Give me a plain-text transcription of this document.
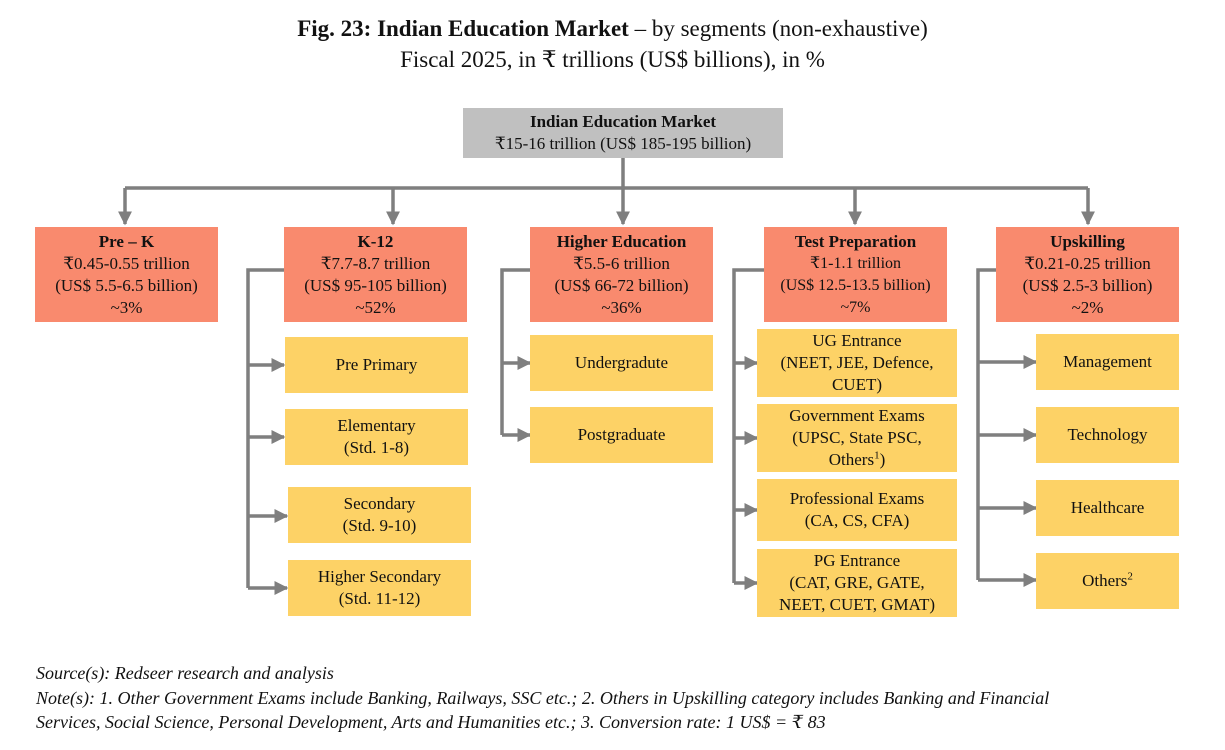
Fig. 23: Indian Education Market – by segments (non-exhaustive)
Fiscal 2025, in ₹ trillions (US$ billions), in %
Indian Education Market
₹15-16 trillion (US$ 185-195 billion)
Pre – K
₹0.45-0.55 trillion
(US$ 5.5-6.5 billion)
~3%
K-12
₹7.7-8.7 trillion
(US$ 95-105 billion)
~52%
Higher Education
₹5.5-6 trillion
(US$ 66-72 billion)
~36%
Test Preparation
₹1-1.1 trillion
(US$ 12.5-13.5 billion)
~7%
Upskilling
₹0.21-0.25 trillion
(US$ 2.5-3 billion)
~2%
Pre Primary
Elementary
(Std. 1-8)
Secondary
(Std. 9-10)
Higher Secondary
(Std. 11-12)
Undergradute
Postgraduate
UG Entrance
(NEET, JEE, Defence,
CUET)
Government Exams
(UPSC, State PSC,
Others$^1$)
Professional Exams
(CA, CS, CFA)
PG Entrance
(CAT, GRE, GATE,
NEET, CUET, GMAT)
Management
Technology
Healthcare
Others$^2$
Source(s): Redseer research and analysis
Note(s): 1. Other Government Exams include Banking, Railways, SSC etc.; 2. Others in Upskilling category includes Banking and Financial
Services, Social Science, Personal Development, Arts and Humanities etc.; 3. Conversion rate: 1 US$ = ₹ 83
